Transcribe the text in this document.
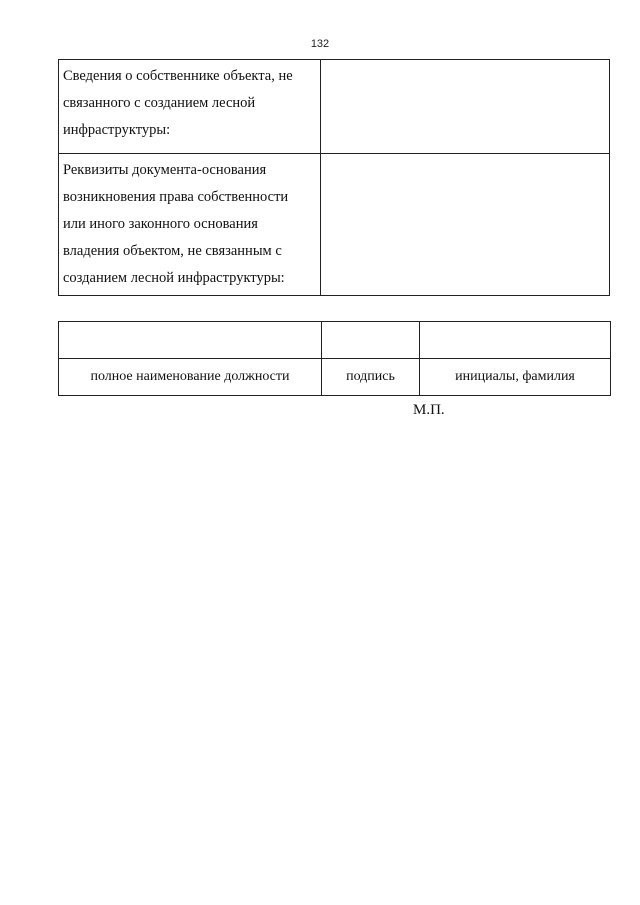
132
Сведения о собственнике объекта, не
связанного с созданием лесной
инфраструктуры:	

Реквизиты документа-основания
возникновения права собственности
или иного законного основания
владения объектом, не связанным с
созданием лесной инфраструктуры:	

полное наименование должности	подпись	инициалы, фамилия
М.П.
